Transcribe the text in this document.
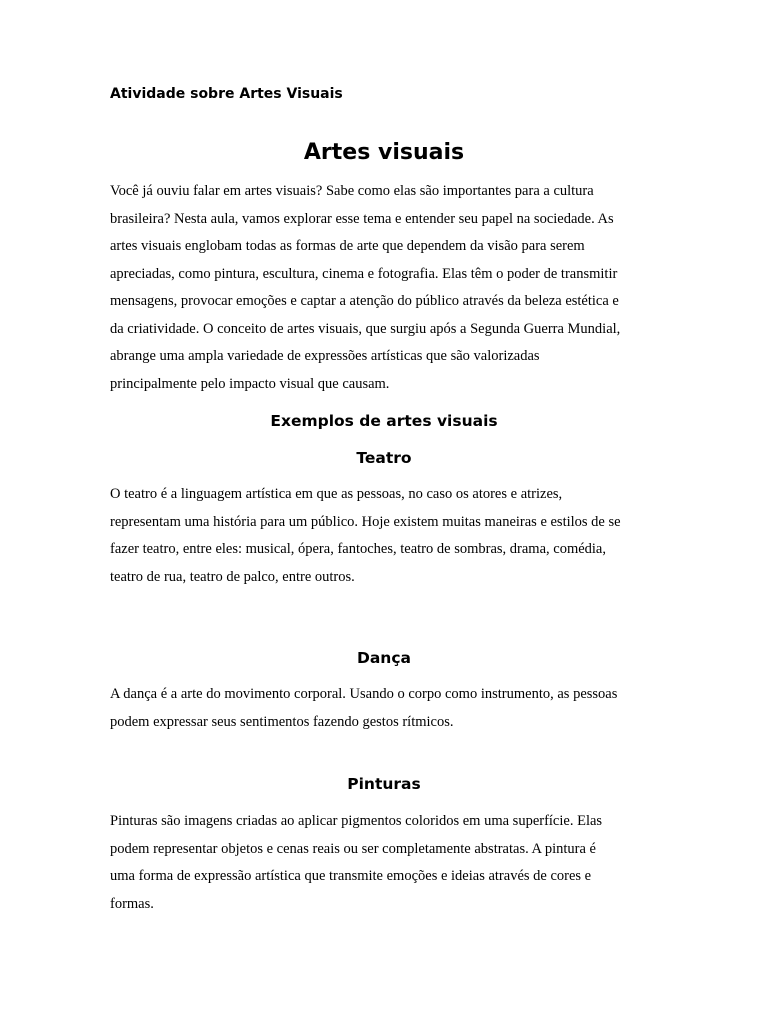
Atividade sobre Artes Visuais
Artes visuais

Você já ouviu falar em artes visuais? Sabe como elas são importantes para a cultura
brasileira? Nesta aula, vamos explorar esse tema e entender seu papel na sociedade. As
artes visuais englobam todas as formas de arte que dependem da visão para serem
apreciadas, como pintura, escultura, cinema e fotografia. Elas têm o poder de transmitir
mensagens, provocar emoções e captar a atenção do público através da beleza estética e
da criatividade. O conceito de artes visuais, que surgiu após a Segunda Guerra Mundial,
abrange uma ampla variedade de expressões artísticas que são valorizadas
principalmente pelo impacto visual que causam.

Exemplos de artes visuais
Teatro

O teatro é a linguagem artística em que as pessoas, no caso os atores e atrizes,
representam uma história para um público. Hoje existem muitas maneiras e estilos de se
fazer teatro, entre eles: musical, ópera, fantoches, teatro de sombras, drama, comédia,
teatro de rua, teatro de palco, entre outros.

Dança

A dança é a arte do movimento corporal. Usando o corpo como instrumento, as pessoas
podem expressar seus sentimentos fazendo gestos rítmicos.

Pinturas

Pinturas são imagens criadas ao aplicar pigmentos coloridos em uma superfície. Elas
podem representar objetos e cenas reais ou ser completamente abstratas. A pintura é
uma forma de expressão artística que transmite emoções e ideias através de cores e
formas.
